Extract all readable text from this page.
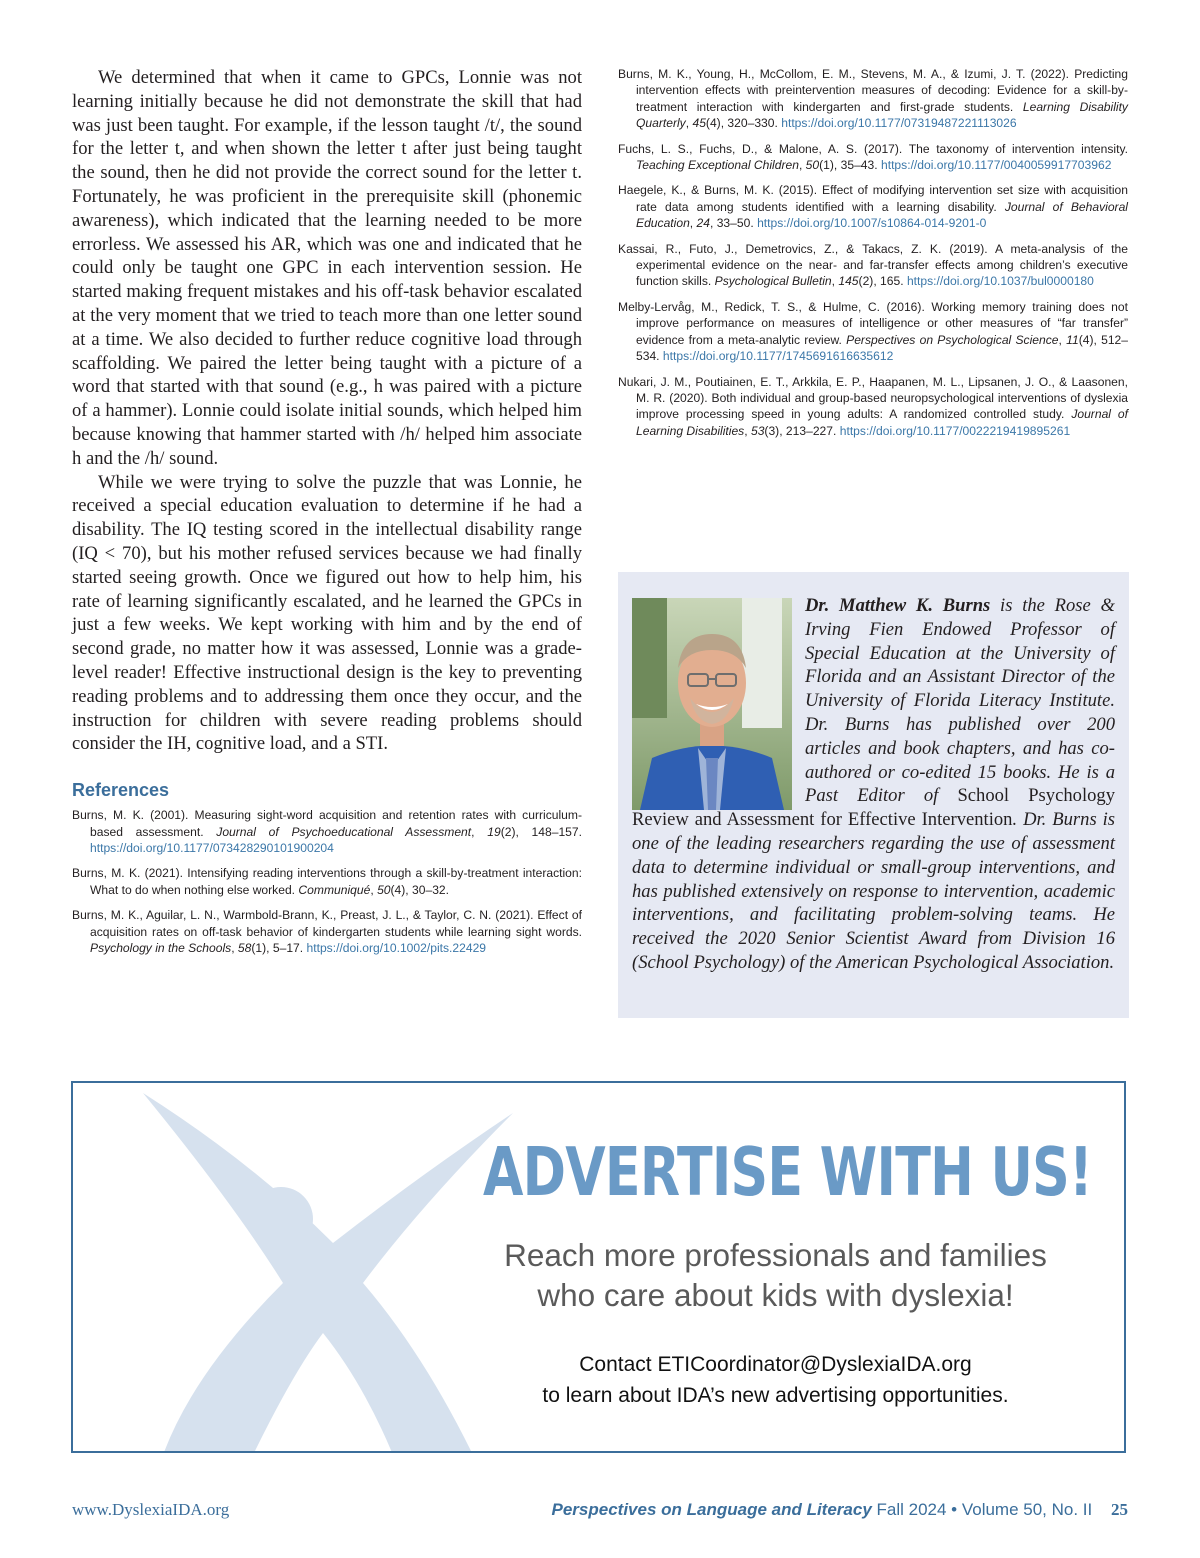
We determined that when it came to GPCs, Lonnie was not learning initially because he did not demonstrate the skill that had was just been taught. For example, if the lesson taught /t/, the sound for the letter t, and when shown the letter t after just being taught the sound, then he did not provide the correct sound for the letter t. Fortunately, he was proficient in the prerequisite skill (phonemic awareness), which indicated that the learning needed to be more errorless. We assessed his AR, which was one and indicated that he could only be taught one GPC in each intervention session. He started making frequent mistakes and his off-task behavior escalated at the very moment that we tried to teach more than one letter sound at a time. We also decided to further reduce cognitive load through scaffolding. We paired the letter being taught with a picture of a word that started with that sound (e.g., h was paired with a picture of a hammer). Lonnie could isolate initial sounds, which helped him because knowing that hammer started with /h/ helped him associate h and the /h/ sound.

While we were trying to solve the puzzle that was Lonnie, he received a special education evaluation to determine if he had a disability. The IQ testing scored in the intellectual disability range (IQ < 70), but his mother refused services because we had finally started seeing growth. Once we figured out how to help him, his rate of learning significantly escalated, and he learned the GPCs in just a few weeks. We kept working with him and by the end of second grade, no matter how it was assessed, Lonnie was a grade-level reader! Effective instructional design is the key to preventing reading problems and to addressing them once they occur, and the instruction for children with severe reading problems should consider the IH, cognitive load, and a STI.

References

Burns, M. K. (2001). Measuring sight-word acquisition and retention rates with curriculum-based assessment. Journal of Psychoeducational Assessment, 19(2), 148–157. https://doi.org/10.1177/073428290101900204

Burns, M. K. (2021). Intensifying reading interventions through a skill-by-treatment interaction: What to do when nothing else worked. Communiqué, 50(4), 30–32.

Burns, M. K., Aguilar, L. N., Warmbold-Brann, K., Preast, J. L., & Taylor, C. N. (2021). Effect of acquisition rates on off-task behavior of kindergarten students while learning sight words. Psychology in the Schools, 58(1), 5–17. https://doi.org/10.1002/pits.22429

Burns, M. K., Young, H., McCollom, E. M., Stevens, M. A., & Izumi, J. T. (2022). Predicting intervention effects with preintervention measures of decoding: Evidence for a skill-by-treatment interaction with kindergarten and first-grade students. Learning Disability Quarterly, 45(4), 320–330. https://doi.org/10.1177/07319487221113026

Fuchs, L. S., Fuchs, D., & Malone, A. S. (2017). The taxonomy of intervention intensity. Teaching Exceptional Children, 50(1), 35–43. https://doi.org/10.1177/0040059917703962

Haegele, K., & Burns, M. K. (2015). Effect of modifying intervention set size with acquisition rate data among students identified with a learning disability. Journal of Behavioral Education, 24, 33–50. https://doi.org/10.1007/s10864-014-9201-0

Kassai, R., Futo, J., Demetrovics, Z., & Takacs, Z. K. (2019). A meta-analysis of the experimental evidence on the near- and far-transfer effects among children’s executive function skills. Psychological Bulletin, 145(2), 165. https://doi.org/10.1037/bul0000180

Melby-Lervåg, M., Redick, T. S., & Hulme, C. (2016). Working memory training does not improve performance on measures of intelligence or other measures of “far transfer” evidence from a meta-analytic review. Perspectives on Psychological Science, 11(4), 512–534. https://doi.org/10.1177/1745691616635612

Nukari, J. M., Poutiainen, E. T., Arkkila, E. P., Haapanen, M. L., Lipsanen, J. O., & Laasonen, M. R. (2020). Both individual and group-based neuropsychological interventions of dyslexia improve processing speed in young adults: A randomized controlled study. Journal of Learning Disabilities, 53(3), 213–227. https://doi.org/10.1177/0022219419895261

Dr. Matthew K. Burns is the Rose & Irving Fien Endowed Professor of Special Education at the University of Florida and an Assistant Director of the University of Florida Literacy Institute. Dr. Burns has published over 200 articles and book chapters, and has co-authored or co-edited 15 books. He is a Past Editor of School Psychology Review and Assessment for Effective Intervention. Dr. Burns is one of the leading researchers regarding the use of assessment data to determine individual or small-group interventions, and has published extensively on response to intervention, academic interventions, and facilitating problem-solving teams. He received the 2020 Senior Scientist Award from Division 16 (School Psychology) of the American Psychological Association.

ADVERTISE WITH US!
Reach more professionals and families
who care about kids with dyslexia!
Contact ETICoordinator@DyslexiaIDA.org
to learn about IDA’s new advertising opportunities.
www.DyslexiaIDA.org	Perspectives on Language and Literacy Fall 2024 • Volume 50, No. II 25
